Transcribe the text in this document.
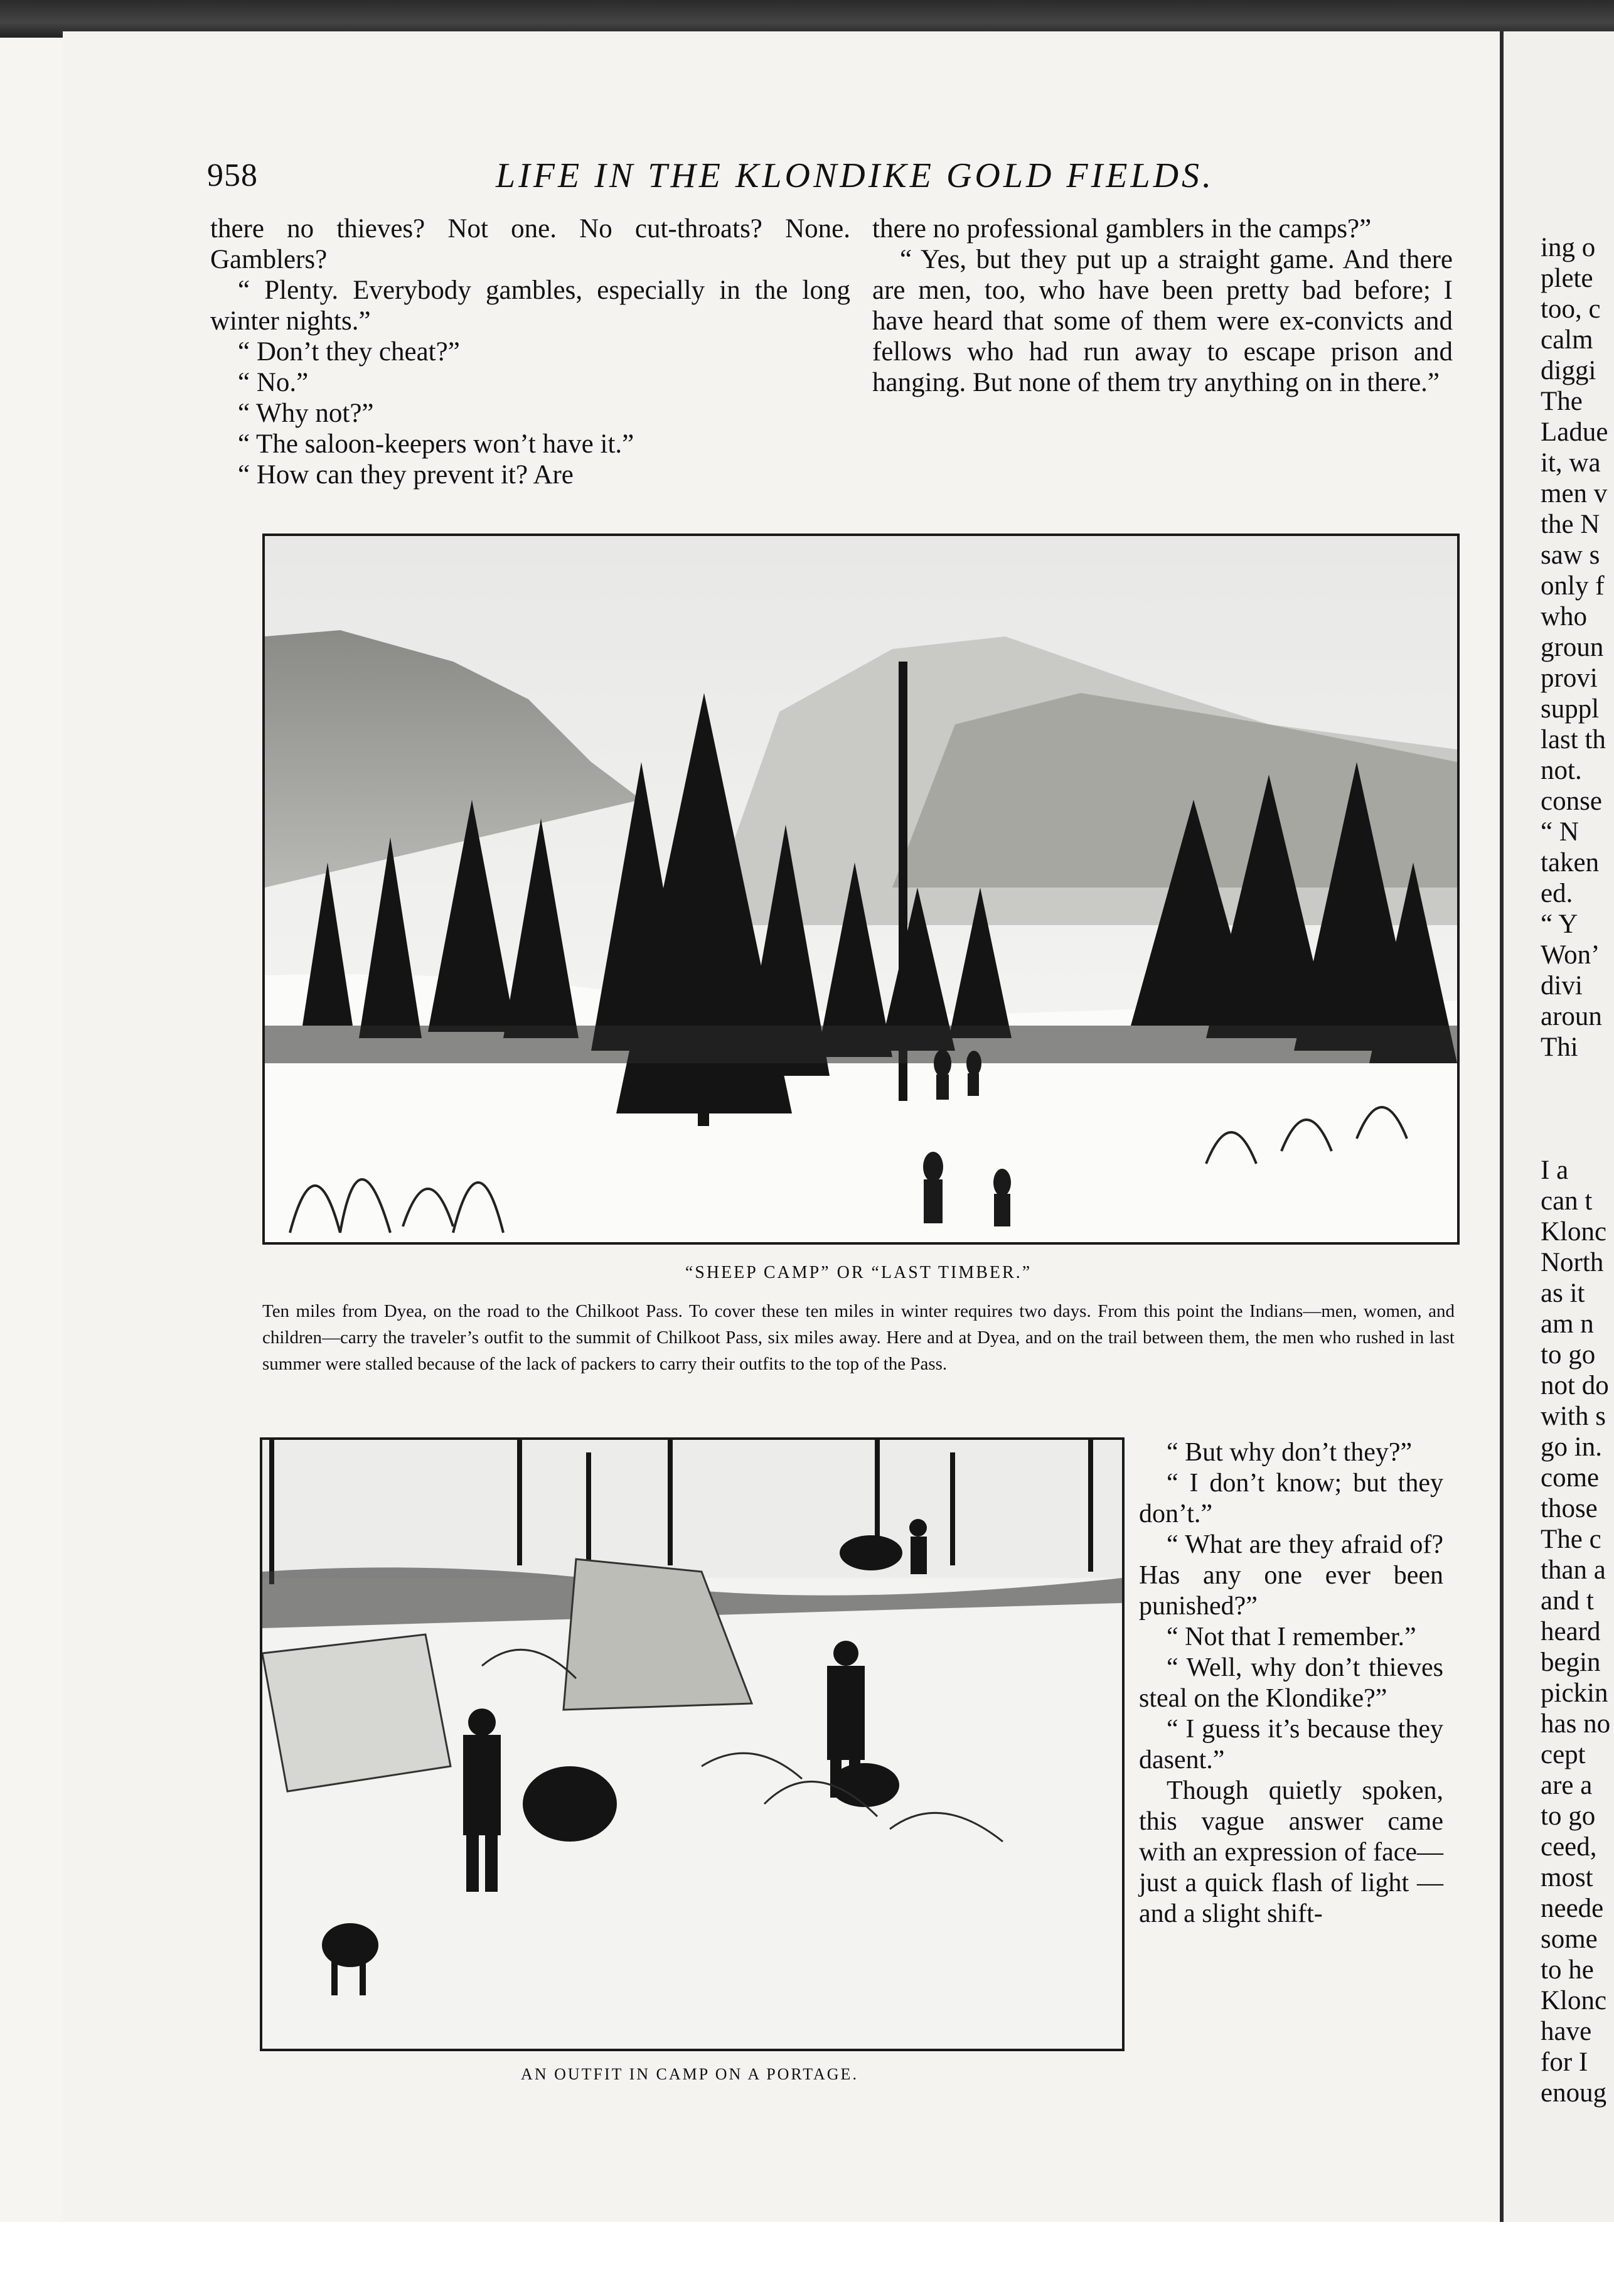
958	LIFE IN THE KLONDIKE GOLD FIELDS.

there no thieves? Not one. No cut-throats? None. Gamblers?

“ Plenty. Everybody gambles, especially in the long winter nights.”

“ Don’t they cheat?”

“ No.”

“ Why not?”

“ The saloon-keepers won’t have it.”

“ How can they prevent it? Are

there no professional gamblers in the camps?”

“ Yes, but they put up a straight game. And there are men, too, who have been pretty bad before; I have heard that some of them were ex-convicts and fellows who had run away to escape prison and hanging. But none of them try anything on in there.”

“SHEEP CAMP” OR “LAST TIMBER.”
Ten miles from Dyea, on the road to the Chilkoot Pass. To cover these ten miles in winter requires two days. From this point the Indians—men, women, and children—carry the traveler’s outfit to the summit of Chilkoot Pass, six miles away. Here and at Dyea, and on the trail between them, the men who rushed in last summer were stalled because of the lack of packers to carry their outfits to the top of the Pass.
AN OUTFIT IN CAMP ON A PORTAGE.

“ But why don’t they?”

“ I don’t know; but they don’t.”

“ What are they afraid of? Has any one ever been punished?”

“ Not that I remember.”

“ Well, why don’t thieves steal on the Klondike?”

“ I guess it’s because they dasent.”

Though quietly spoken, this vague answer came with an expression of face—just a quick flash of light —and a slight shift-

ing o
plete
too, c
calm
diggi
The
Ladue
it, wa
men v
the N
saw s
only f
who
groun
provi
suppl
last th
not.
conse
“ N
taken
ed.
“ Y
Won’
divi
aroun
Thi
I a
can t
Klonc
North
as it
am n
to go
not do
with s
go in.
come
those
The c
than a
and t
heard
begin
pickin
has no
cept
are a
to go
ceed,
most
neede
some
to he
Klonc
have
for I
enoug
